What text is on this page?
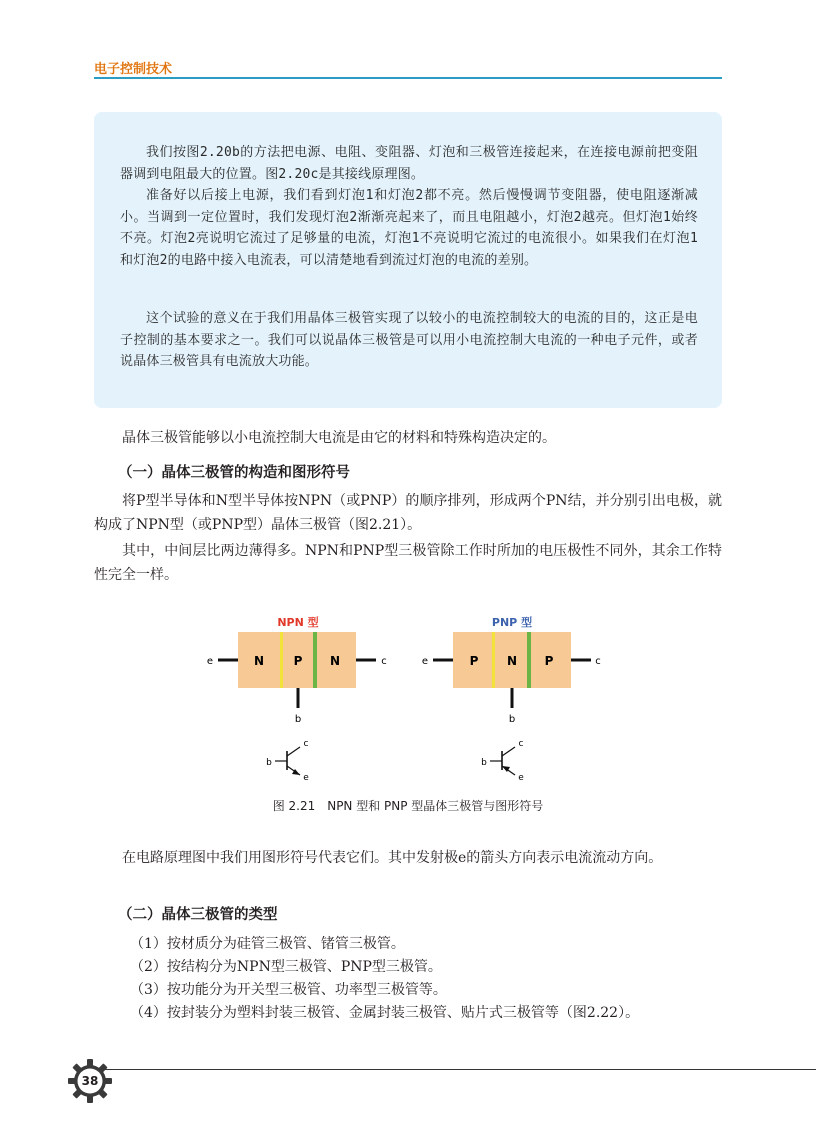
电子控制技术

我们按图2.20b的方法把电源、电阻、变阻器、灯泡和三极管连接起来，在连接电源前把变阻器调到电阻最大的位置。图2.20c是其接线原理图。

准备好以后接上电源，我们看到灯泡1和灯泡2都不亮。然后慢慢调节变阻器，使电阻逐渐减小。当调到一定位置时，我们发现灯泡2渐渐亮起来了，而且电阻越小，灯泡2越亮。但灯泡1始终不亮。灯泡2亮说明它流过了足够量的电流，灯泡1不亮说明它流过的电流很小。如果我们在灯泡1和灯泡2的电路中接入电流表，可以清楚地看到流过灯泡的电流的差别。

这个试验的意义在于我们用晶体三极管实现了以较小的电流控制较大的电流的目的，这正是电子控制的基本要求之一。我们可以说晶体三极管是可以用小电流控制大电流的一种电子元件，或者说晶体三极管具有电流放大功能。

晶体三极管能够以小电流控制大电流是由它的材料和特殊构造决定的。

（一）晶体三极管的构造和图形符号

将P型半导体和N型半导体按NPN（或PNP）的顺序排列，形成两个PN结，并分别引出电极，就构成了NPN型（或PNP型）晶体三极管（图2.21）。

其中，中间层比两边薄得多。NPN和PNP型三极管除工作时所加的电压极性不同外，其余工作特性完全一样。

NPN 型
N P N
e	c
b
b
c
e
PNP 型
P N P
e	c
b
b
c
e
图 2.21　NPN 型和 PNP 型晶体三极管与图形符号

在电路原理图中我们用图形符号代表它们。其中发射极e的箭头方向表示电流流动方向。

（二）晶体三极管的类型
（1）按材质分为硅管三极管、锗管三极管。
（2）按结构分为NPN型三极管、PNP型三极管。
（3）按功能分为开关型三极管、功率型三极管等。
（4）按封装分为塑料封装三极管、金属封装三极管、贴片式三极管等（图2.22）。
38
